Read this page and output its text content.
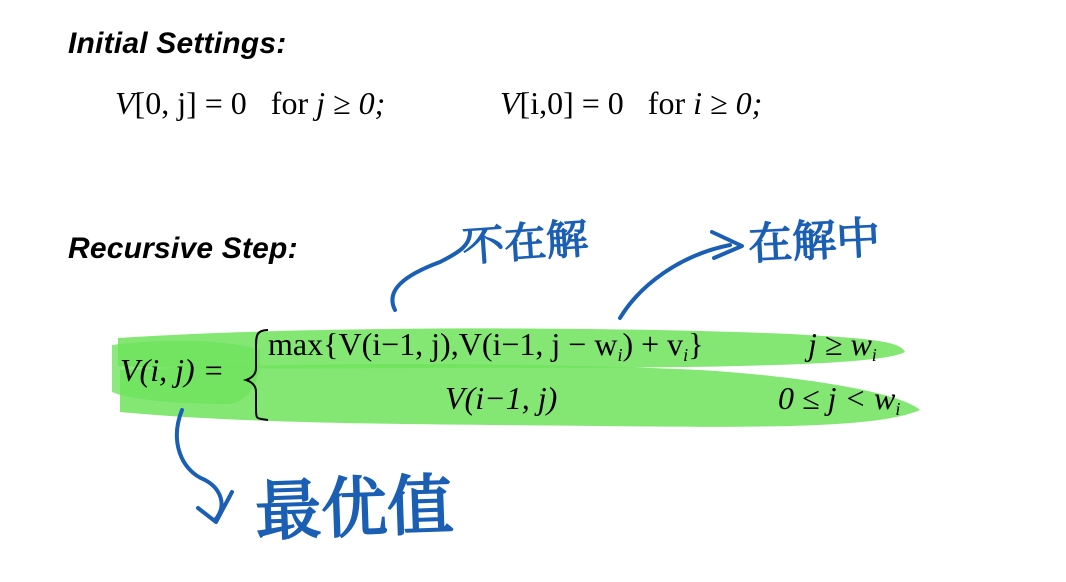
Initial Settings:
V[0, j] = 0 for j ≥ 0;	V[i,0] = 0 for i ≥ 0;
Recursive Step:
V(i, j) =
max{V(i−1, j),V(i−1, $j - w_i) + v_i$}	$j \ge w_i$
V(i−1, j)	$0 \le j < w_i$
不在解	在解中
最优值
